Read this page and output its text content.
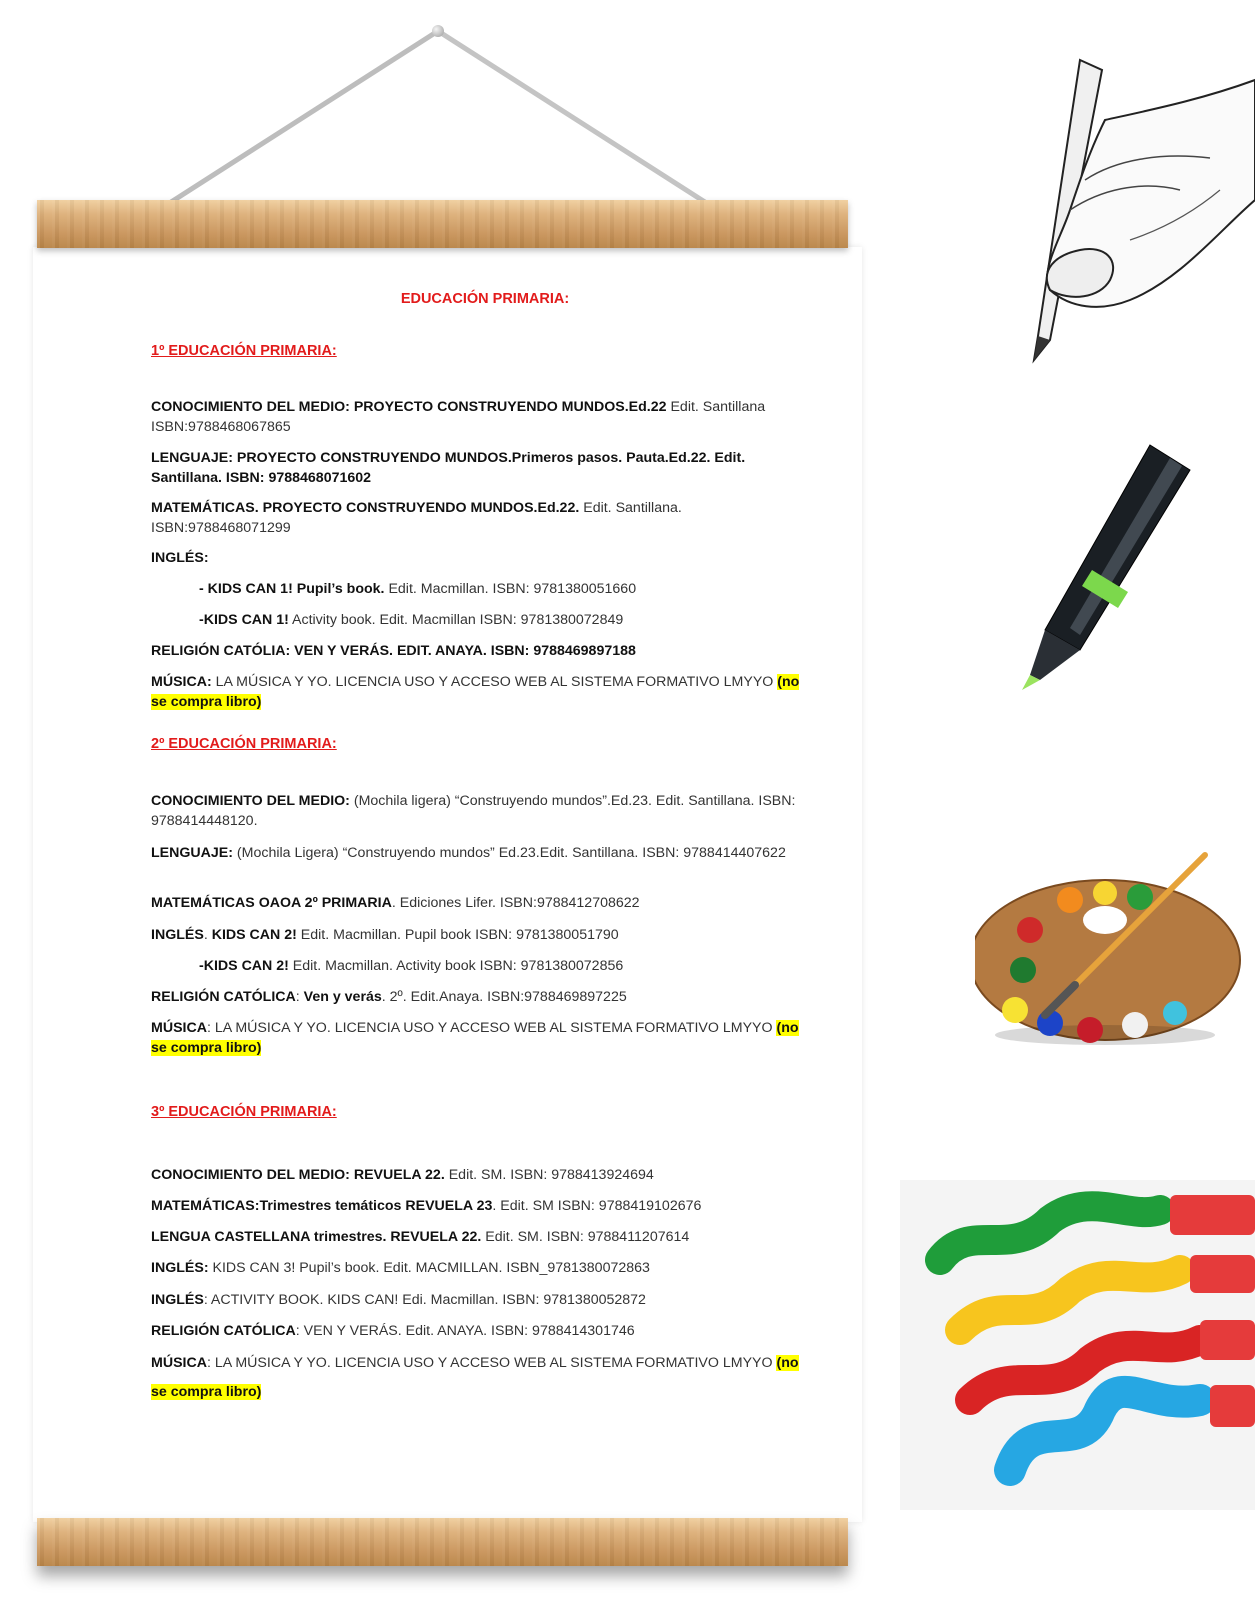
EDUCACIÓN PRIMARIA:
1º EDUCACIÓN PRIMARIA:
CONOCIMIENTO DEL MEDIO: PROYECTO CONSTRUYENDO MUNDOS.Ed.22 Edit. Santillana ISBN:9788468067865
LENGUAJE: PROYECTO CONSTRUYENDO MUNDOS.Primeros pasos. Pauta.Ed.22. Edit. Santillana. ISBN: 9788468071602
MATEMÁTICAS. PROYECTO CONSTRUYENDO MUNDOS.Ed.22. Edit. Santillana. ISBN:9788468071299
INGLÉS:
- KIDS CAN 1! Pupil’s book. Edit. Macmillan. ISBN: 9781380051660
-KIDS CAN 1! Activity book. Edit. Macmillan ISBN: 9781380072849
RELIGIÓN CATÓLIA: VEN Y VERÁS. EDIT. ANAYA. ISBN: 9788469897188
MÚSICA: LA MÚSICA Y YO. LICENCIA USO Y ACCESO WEB AL SISTEMA FORMATIVO LMYYO (no se compra libro)
2º EDUCACIÓN PRIMARIA:
CONOCIMIENTO DEL MEDIO: (Mochila ligera) “Construyendo mundos”.Ed.23. Edit. Santillana. ISBN: 9788414448120.
LENGUAJE: (Mochila Ligera) “Construyendo mundos” Ed.23.Edit. Santillana. ISBN: 9788414407622
MATEMÁTICAS OAOA 2º PRIMARIA. Ediciones Lifer. ISBN:9788412708622
INGLÉS. KIDS CAN 2! Edit. Macmillan. Pupil book ISBN: 9781380051790
-KIDS CAN 2! Edit. Macmillan. Activity book ISBN: 9781380072856
RELIGIÓN CATÓLICA: Ven y verás. 2º. Edit.Anaya. ISBN:9788469897225
MÚSICA: LA MÚSICA Y YO. LICENCIA USO Y ACCESO WEB AL SISTEMA FORMATIVO LMYYO (no se compra libro)
3º EDUCACIÓN PRIMARIA:
CONOCIMIENTO DEL MEDIO: REVUELA 22. Edit. SM. ISBN: 9788413924694
MATEMÁTICAS:Trimestres temáticos REVUELA 23. Edit. SM ISBN: 9788419102676
LENGUA CASTELLANA trimestres. REVUELA 22. Edit. SM. ISBN: 9788411207614
INGLÉS: KIDS CAN 3! Pupil’s book. Edit. MACMILLAN. ISBN_9781380072863
INGLÉS: ACTIVITY BOOK. KIDS CAN! Edi. Macmillan. ISBN: 9781380052872
RELIGIÓN CATÓLICA: VEN Y VERÁS. Edit. ANAYA. ISBN: 9788414301746
MÚSICA: LA MÚSICA Y YO. LICENCIA USO Y ACCESO WEB AL SISTEMA FORMATIVO LMYYO (no se compra libro)
